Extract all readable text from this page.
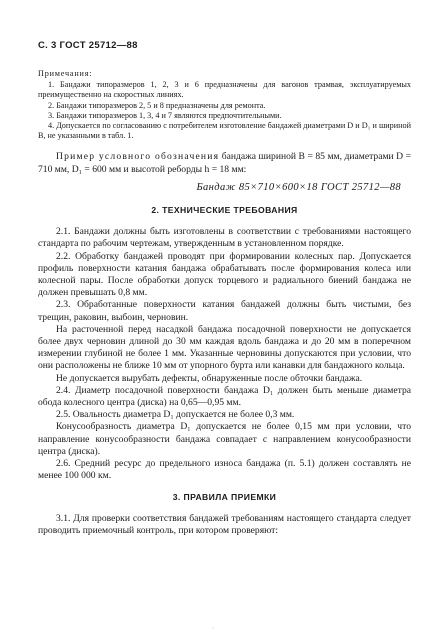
С. 3 ГОСТ 25712—88
Примечания:

1. Бандажи типоразмеров 1, 2, 3 и 6 предназначены для вагонов трамвая, эксплуатируемых преимущественно на скоростных линиях.

2. Бандажи типоразмеров 2, 5 и 8 предназначены для ремонта.

3. Бандажи типоразмеров 1, 3, 4 и 7 являются предпочтительными.

4. Допускается по согласованию с потребителем изготовление бандажей диаметрами D и D₁ и шириной B, не указанными в табл. 1.

Пример условного обозначения бандажа шириной B = 85 мм, диаметрами D = 710 мм, D₁ = 600 мм и высотой реборды h = 18 мм:

Бандаж 85×710×600×18 ГОСТ 25712—88
2. ТЕХНИЧЕСКИЕ ТРЕБОВАНИЯ

2.1. Бандажи должны быть изготовлены в соответствии с требованиями настоящего стандарта по рабочим чертежам, утвержденным в установленном порядке.

2.2. Обработку бандажей проводят при формировании колесных пар. Допускается профиль поверхности катания бандажа обрабатывать после формирования колеса или колесной пары. После обработки допуск торцевого и радиального биений бандажа не должен превышать 0,8 мм.

2.3. Обработанные поверхности катания бандажей должны быть чистыми, без трещин, раковин, выбоин, черновин.

На расточенной перед насадкой бандажа посадочной поверхности не допускается более двух черновин длиной до 30 мм каждая вдоль бандажа и до 20 мм в поперечном измерении глубиной не более 1 мм. Указанные черновины допускаются при условии, что они расположены не ближе 10 мм от упорного бурта или канавки для бандажного кольца.

Не допускается вырубать дефекты, обнаруженные после обточки бандажа.

2.4. Диаметр посадочной поверхности бандажа D₁ должен быть меньше диаметра обода колесного центра (диска) на 0,65—0,95 мм.

2.5. Овальность диаметра D₁ допускается не более 0,3 мм.

Конусообразность диаметра D₁ допускается не более 0,15 мм при условии, что направление конусообразности бандажа совпадает с направлением конусообразности центра (диска).

2.6. Средний ресурс до предельного износа бандажа (п. 5.1) должен составлять не менее 100 000 км.

3. ПРАВИЛА ПРИЕМКИ

3.1. Для проверки соответствия бандажей требованиям настоящего стандарта следует проводить приемочный контроль, при котором проверяют:

·
